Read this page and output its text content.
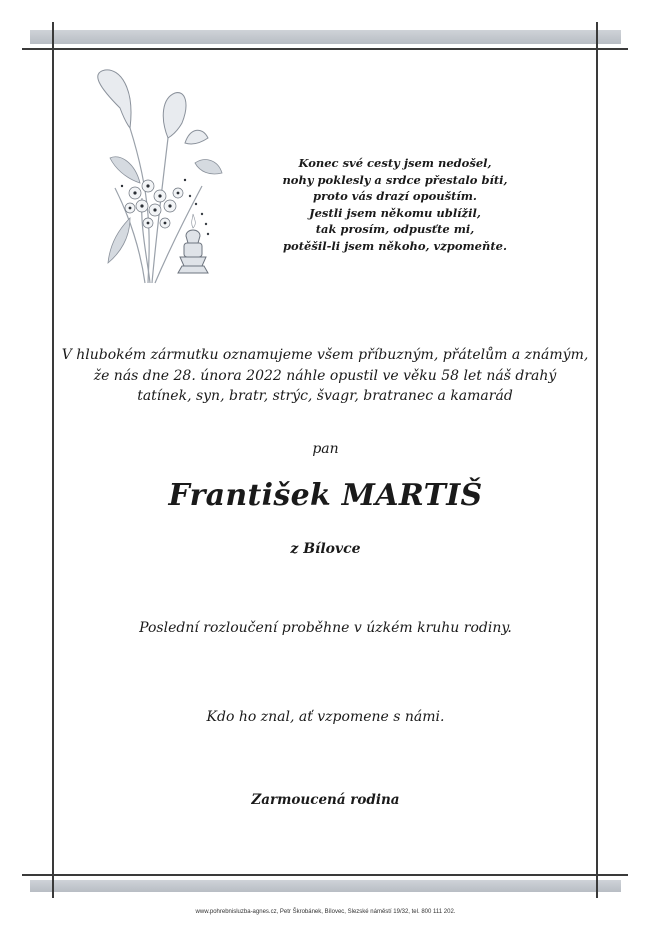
Konec své cesty jsem nedošel,
nohy poklesly a srdce přestalo bíti,
proto vás drazí opouštím.
Jestli jsem někomu ublížil,
tak prosím, odpusťte mi,
potěšil-li jsem někoho, vzpomeňte.
V hlubokém zármutku oznamujeme všem příbuzným, přátelům a známým,
že nás dne 28. února 2022 náhle opustil ve věku 58 let náš drahý
tatínek, syn, bratr, strýc, švagr, bratranec a kamarád
pan
František MARTIŠ
z Bílovce
Poslední rozloučení proběhne v úzkém kruhu rodiny.
Kdo ho znal, ať vzpomene s námi.
Zarmoucená rodina
www.pohrebnisluzba-agnes.cz, Petr Škrobánek, Bílovec, Slezské náměstí 19/32, tel. 800 111 202.
